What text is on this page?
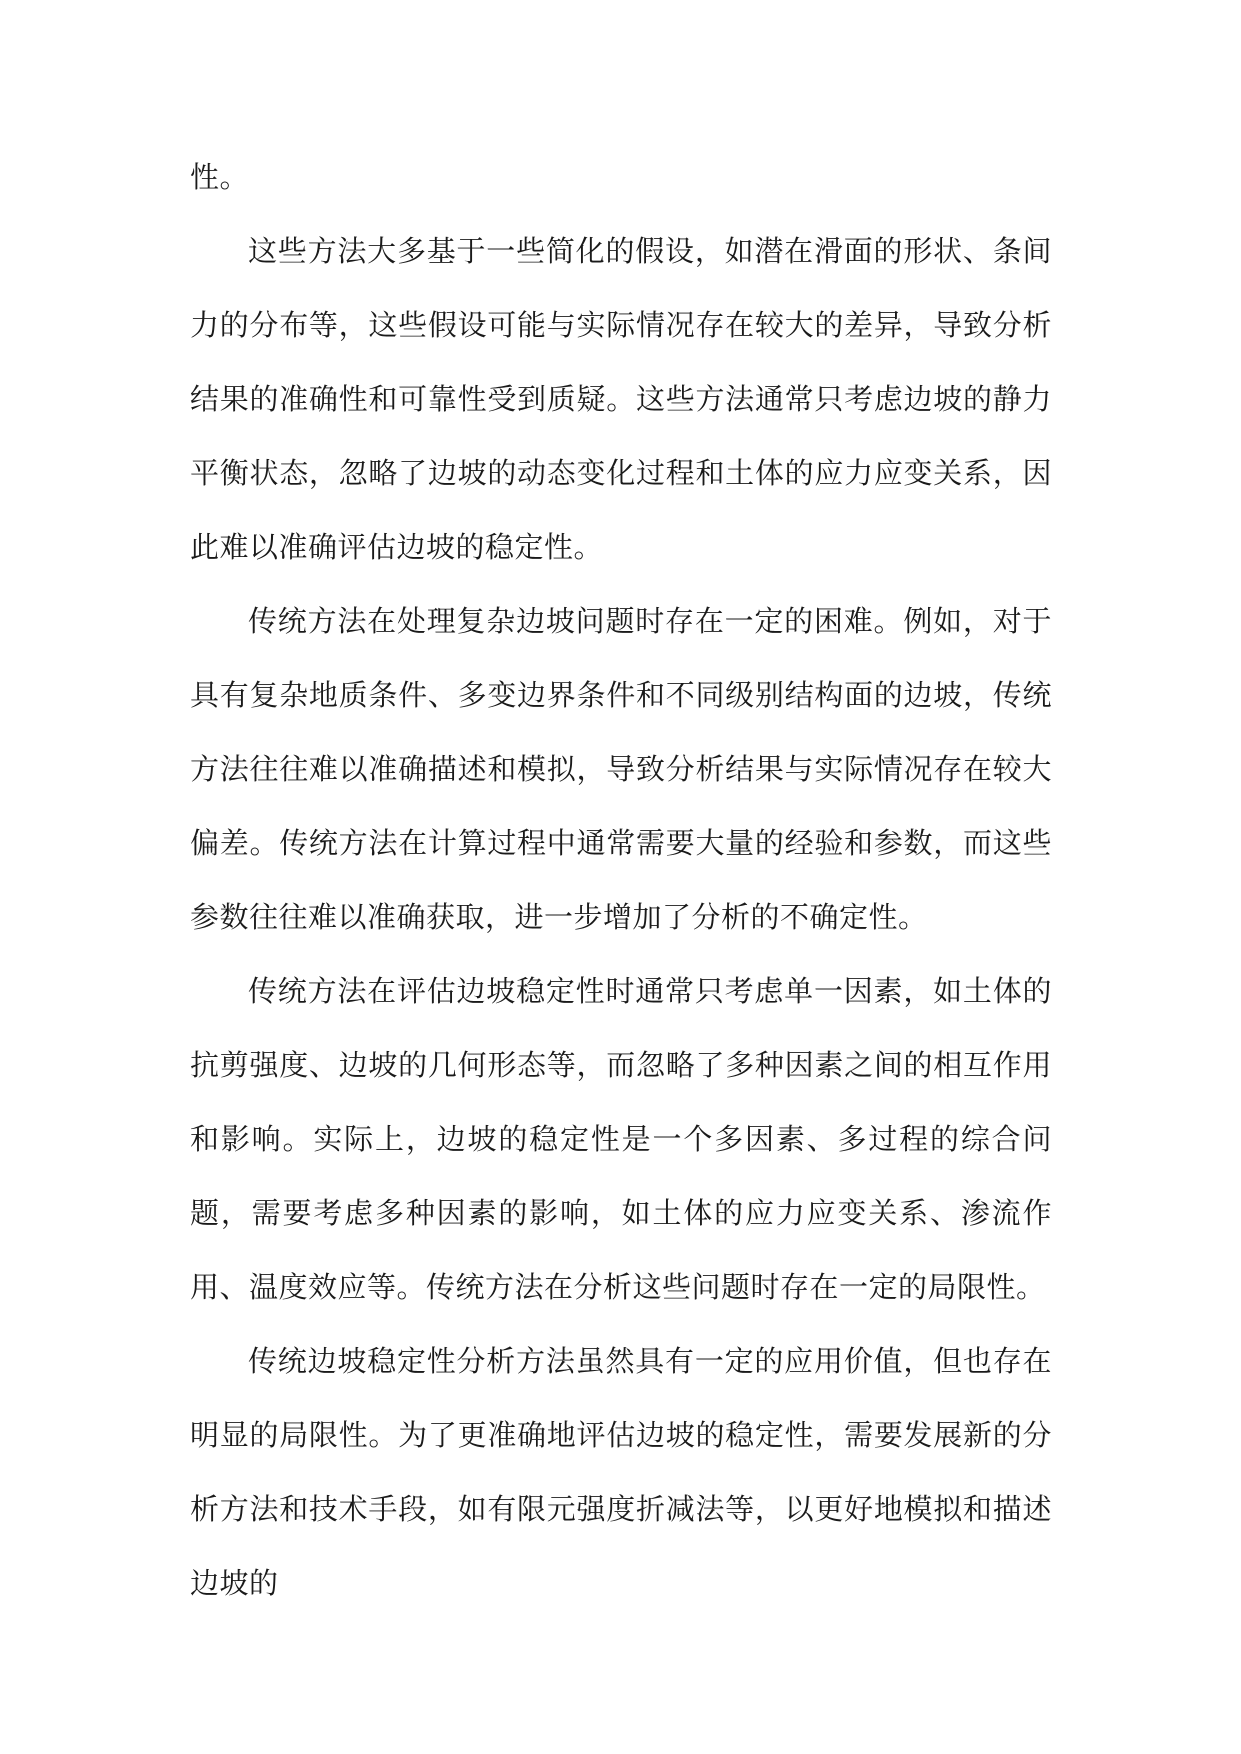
性。

这些方法大多基于一些简化的假设，如潜在滑面的形状、条间力的分布等，这些假设可能与实际情况存在较大的差异，导致分析结果的准确性和可靠性受到质疑。这些方法通常只考虑边坡的静力平衡状态，忽略了边坡的动态变化过程和土体的应力应变关系，因此难以准确评估边坡的稳定性。

传统方法在处理复杂边坡问题时存在一定的困难。例如，对于具有复杂地质条件、多变边界条件和不同级别结构面的边坡，传统方法往往难以准确描述和模拟，导致分析结果与实际情况存在较大偏差。传统方法在计算过程中通常需要大量的经验和参数，而这些参数往往难以准确获取，进一步增加了分析的不确定性。

传统方法在评估边坡稳定性时通常只考虑单一因素，如土体的抗剪强度、边坡的几何形态等，而忽略了多种因素之间的相互作用和影响。实际上，边坡的稳定性是一个多因素、多过程的综合问题，需要考虑多种因素的影响，如土体的应力应变关系、渗流作用、温度效应等。传统方法在分析这些问题时存在一定的局限性。

传统边坡稳定性分析方法虽然具有一定的应用价值，但也存在明显的局限性。为了更准确地评估边坡的稳定性，需要发展新的分析方法和技术手段，如有限元强度折减法等，以更好地模拟和描述边坡的
